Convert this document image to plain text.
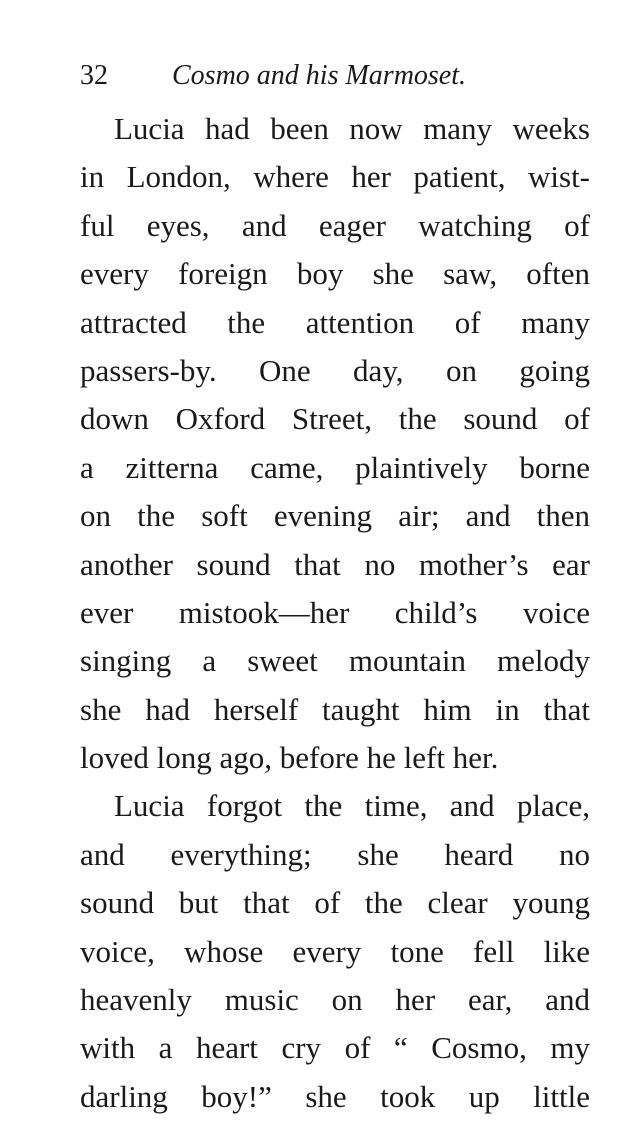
32 Cosmo and his Marmoset.
Lucia had been now many weeks
in London, where her patient, wist-
ful eyes, and eager watching of
every foreign boy she saw, often
attracted the attention of many
passers-by. One day, on going
down Oxford Street, the sound of
a zitterna came, plaintively borne
on the soft evening air; and then
another sound that no mother’s ear
ever mistook—her child’s voice
singing a sweet mountain melody
she had herself taught him in that
loved long ago, before he left her.
Lucia forgot the time, and place,
and everything; she heard no
sound but that of the clear young
voice, whose every tone fell like
heavenly music on her ear, and
with a heart cry of “ Cosmo, my
darling boy!” she took up little
